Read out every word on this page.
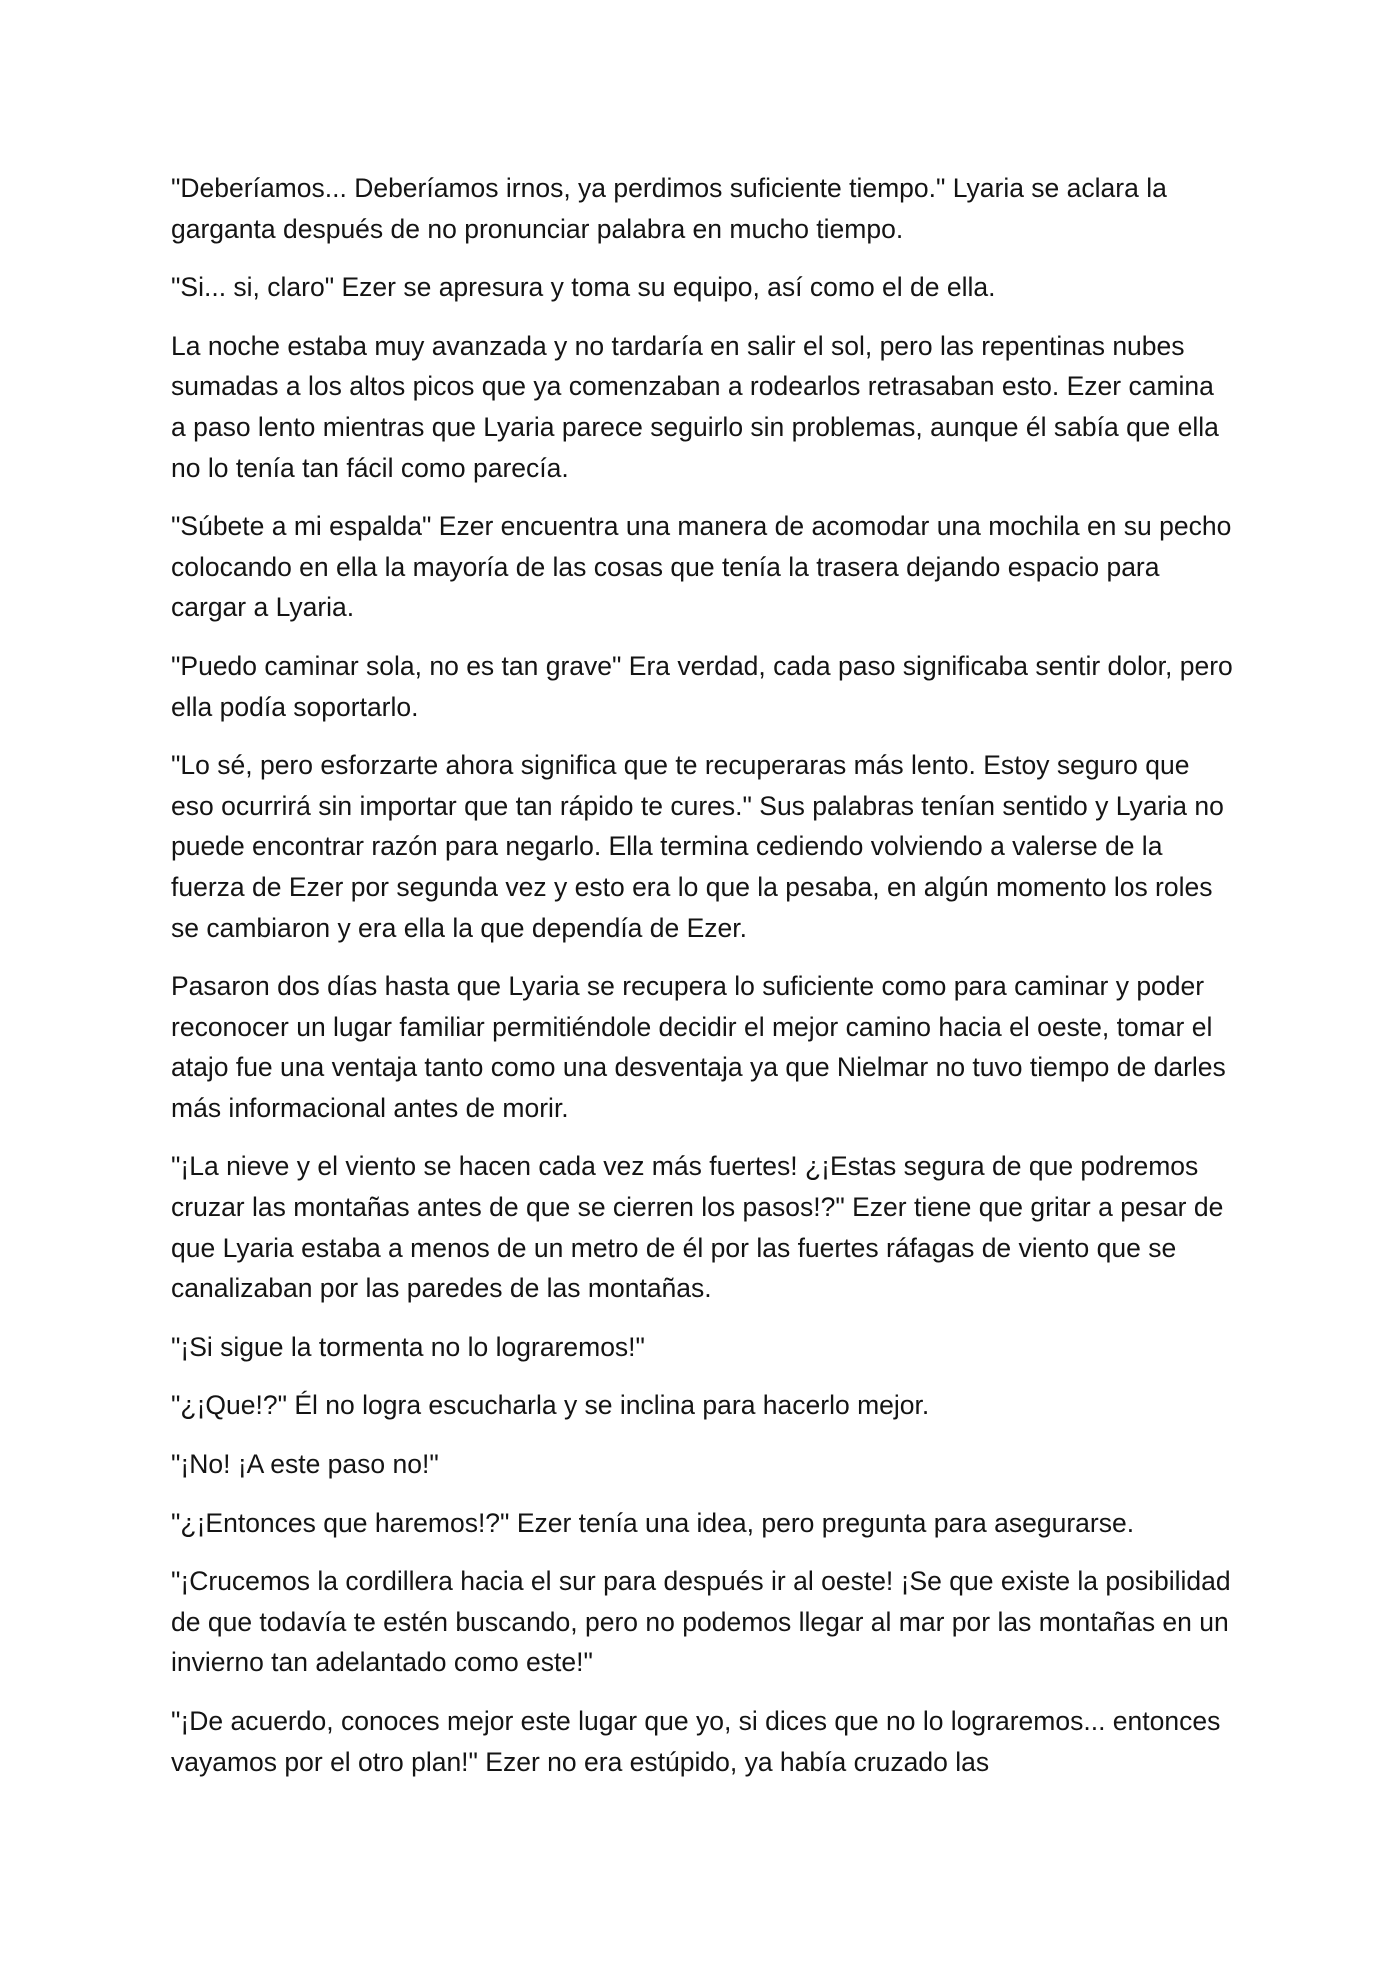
"Deberíamos... Deberíamos irnos, ya perdimos suficiente tiempo." Lyaria se aclara la garganta después de no pronunciar palabra en mucho tiempo.

"Si... si, claro" Ezer se apresura y toma su equipo, así como el de ella.

La noche estaba muy avanzada y no tardaría en salir el sol, pero las repentinas nubes sumadas a los altos picos que ya comenzaban a rodearlos retrasaban esto. Ezer camina a paso lento mientras que Lyaria parece seguirlo sin problemas, aunque él sabía que ella no lo tenía tan fácil como parecía.

"Súbete a mi espalda" Ezer encuentra una manera de acomodar una mochila en su pecho colocando en ella la mayoría de las cosas que tenía la trasera dejando espacio para cargar a Lyaria.

"Puedo caminar sola, no es tan grave" Era verdad, cada paso significaba sentir dolor, pero ella podía soportarlo.

"Lo sé, pero esforzarte ahora significa que te recuperaras más lento. Estoy seguro que eso ocurrirá sin importar que tan rápido te cures." Sus palabras tenían sentido y Lyaria no puede encontrar razón para negarlo. Ella termina cediendo volviendo a valerse de la fuerza de Ezer por segunda vez y esto era lo que la pesaba, en algún momento los roles se cambiaron y era ella la que dependía de Ezer.

Pasaron dos días hasta que Lyaria se recupera lo suficiente como para caminar y poder reconocer un lugar familiar permitiéndole decidir el mejor camino hacia el oeste, tomar el atajo fue una ventaja tanto como una desventaja ya que Nielmar no tuvo tiempo de darles más informacional antes de morir.

"¡La nieve y el viento se hacen cada vez más fuertes! ¿¡Estas segura de que podremos cruzar las montañas antes de que se cierren los pasos!?" Ezer tiene que gritar a pesar de que Lyaria estaba a menos de un metro de él por las fuertes ráfagas de viento que se canalizaban por las paredes de las montañas.

"¡Si sigue la tormenta no lo lograremos!"

"¿¡Que!?" Él no logra escucharla y se inclina para hacerlo mejor.

"¡No! ¡A este paso no!"

"¿¡Entonces que haremos!?" Ezer tenía una idea, pero pregunta para asegurarse.

"¡Crucemos la cordillera hacia el sur para después ir al oeste! ¡Se que existe la posibilidad de que todavía te estén buscando, pero no podemos llegar al mar por las montañas en un invierno tan adelantado como este!"

"¡De acuerdo, conoces mejor este lugar que yo, si dices que no lo lograremos... entonces vayamos por el otro plan!" Ezer no era estúpido, ya había cruzado las
